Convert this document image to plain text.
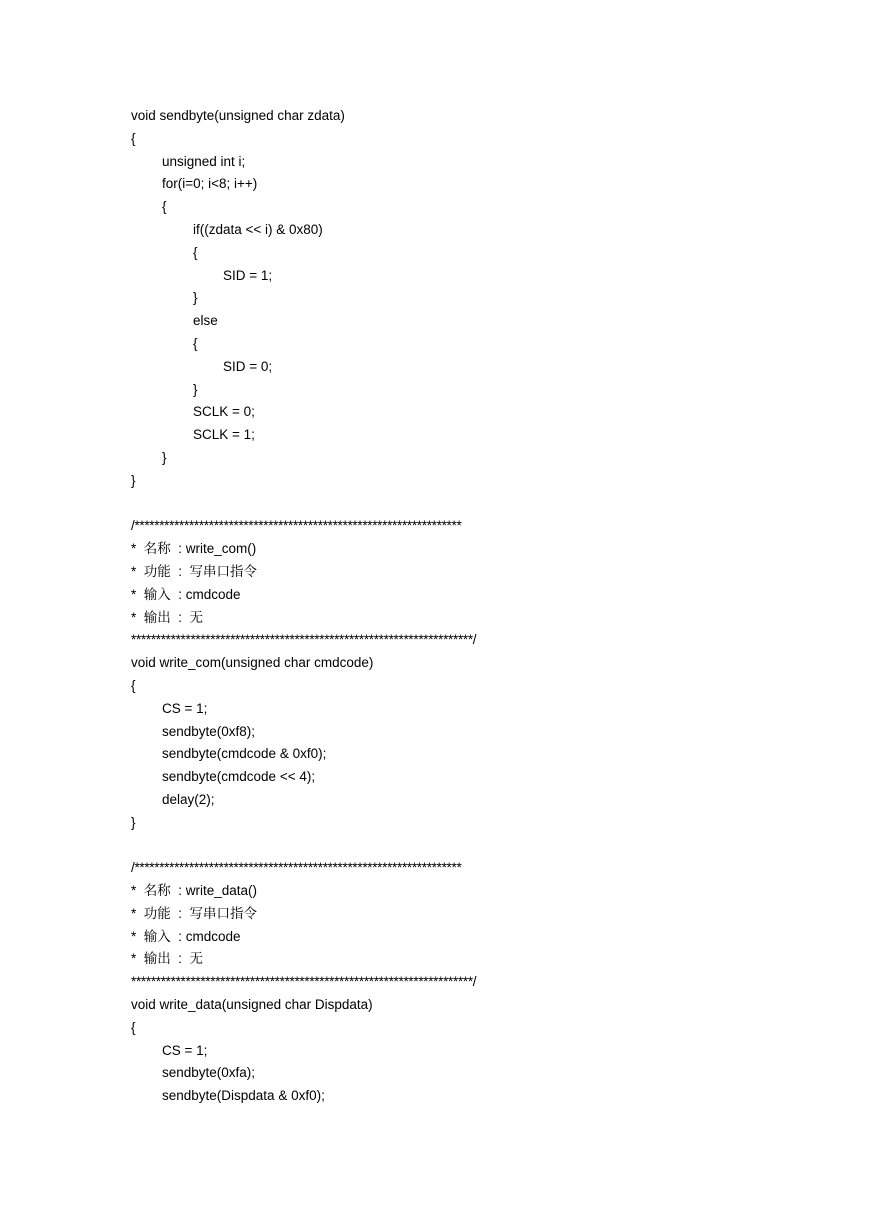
void sendbyte(unsigned char zdata)
{
unsigned int i;
for(i=0; i<8; i++)
{
if((zdata << i) & 0x80)
{
SID = 1;
}
else
{
SID = 0;
}
SCLK = 0;
SCLK = 1;
}
}
/******************************************************************
*  名称  : write_com()
*  功能  :  写串口指令
*  输入  : cmdcode
*  输出  :  无
*********************************************************************/
void write_com(unsigned char cmdcode)
{
CS = 1;
sendbyte(0xf8);
sendbyte(cmdcode & 0xf0);
sendbyte(cmdcode << 4);
delay(2);
}
/******************************************************************
*  名称  : write_data()
*  功能  :  写串口指令
*  输入  : cmdcode
*  输出  :  无
*********************************************************************/
void write_data(unsigned char Dispdata)
{
CS = 1;
sendbyte(0xfa);
sendbyte(Dispdata & 0xf0);
